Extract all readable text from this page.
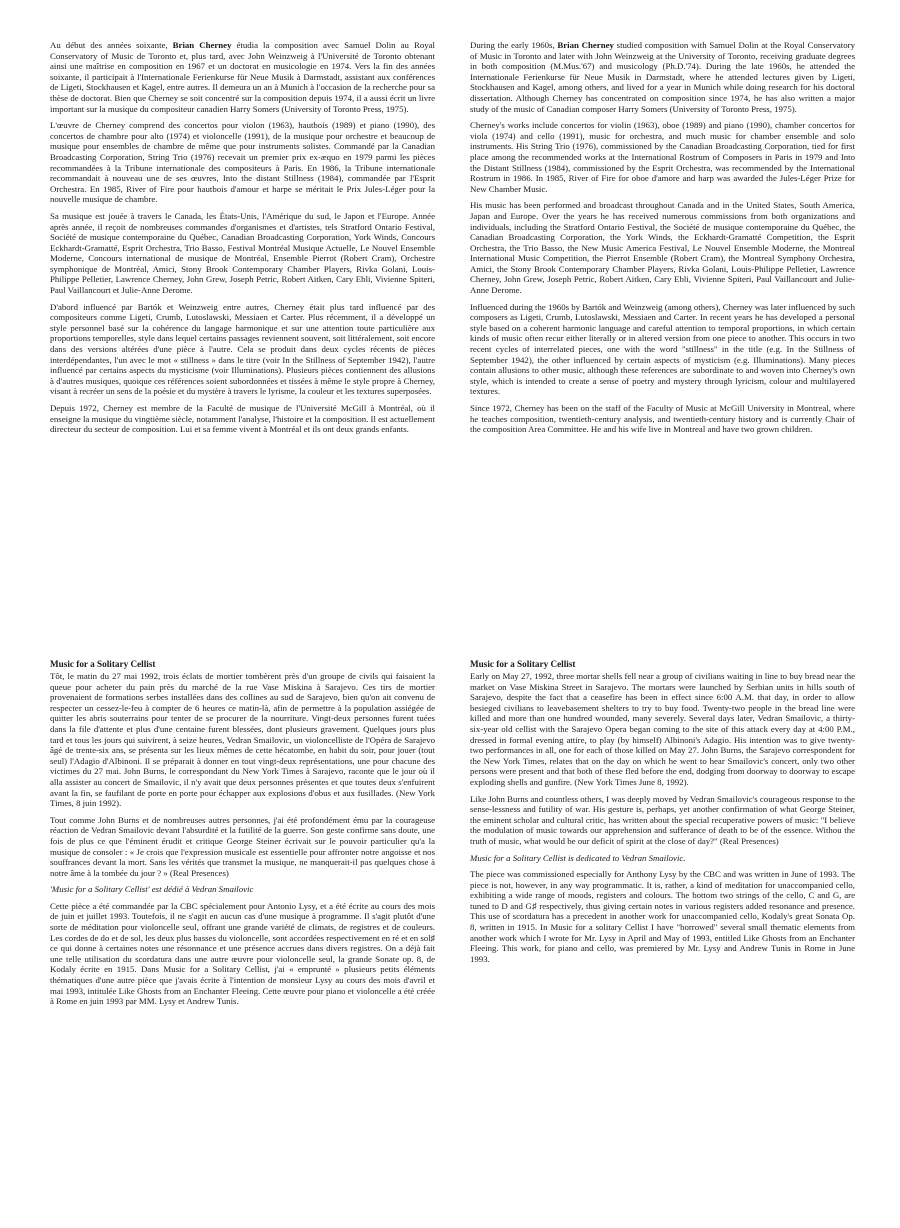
Au début des années soixante, Brian Cherney étudia la composition avec Samuel Dolin au Royal Conservatory of Music de Toronto et, plus tard, avec John Weinzweig à l'Université de Toronto obtenant ainsi une maîtrise en composition en 1967 et un doctorat en musicologie en 1974. Vers la fin des années soixante, il participait à l'Internationale Ferienkurse für Neue Musik à Darmstadt, assistant aux conférences de Ligeti, Stockhausen et Kagel, entre autres. Il demeura un an à Munich à l'occasion de la recherche pour sa thèse de doctorat. Bien que Cherney se soit concentré sur la composition depuis 1974, il a aussi écrit un livre important sur la musique du compositeur canadien Harry Somers (University of Toronto Press, 1975).

L'œuvre de Cherney comprend des concertos pour violon (1963), hautbois (1989) et piano (1990), des concertos de chambre pour alto (1974) et violoncelle (1991), de la musique pour orchestre et beaucoup de musique pour ensembles de chambre de même que pour instruments solistes. Commandé par la Canadian Broadcasting Corporation, String Trio (1976) recevait un premier prix ex-æquo en 1979 parmi les pièces recommandées à la Tribune internationale des compositeurs à Paris. En 1986, la Tribune internationale recommandait à nouveau une de ses œuvres, Into the distant Stillness (1984), commandée par l'Esprit Orchestra. En 1985, River of Fire pour hautbois d'amour et harpe se méritait le Prix Jules-Léger pour la nouvelle musique de chambre.

Sa musique est jouée à travers le Canada, les États-Unis, l'Amérique du sud, le Japon et l'Europe. Année après année, il reçoit de nombreuses commandes d'organismes et d'artistes, tels Stratford Ontario Festival, Société de musique contemporaine du Québec, Canadian Broadcasting Corporation, York Winds, Concours Eckhardt-Gramatté, Esprit Orchestra, Trio Basso, Festival Montréal Musique Actuelle, Le Nouvel Ensemble Moderne, Concours international de musique de Montréal, Ensemble Pierrot (Robert Cram), Orchestre symphonique de Montréal, Amici, Stony Brook Contemporary Chamber Players, Rivka Golani, Louis-Philippe Pelletier, Lawrence Cherney, John Grew, Joseph Petric, Robert Aitken, Cary Ebli, Vivienne Spiteri, Paul Vaillancourt et Julie-Anne Derome.

D'abord influencé par Bartók et Weinzweig entre autres, Cherney était plus tard influencé par des compositeurs comme Ligeti, Crumb, Lutoslawski, Messiaen et Carter. Plus récemment, il a développé un style personnel basé sur la cohérence du langage harmonique et sur une attention toute particulière aux proportions temporelles, style dans lequel certains passages reviennent souvent, soit littéralement, soit encore dans des versions altérées d'une pièce à l'autre. Cela se produit dans deux cycles récents de pièces interdépendantes, l'un avec le mot « stillness » dans le titre (voir In the Stillness of September 1942), l'autre influencé par certains aspects du mysticisme (voir Illuminations). Plusieurs pièces contiennent des allusions à d'autres musiques, quoique ces références soient subordonnées et tissées à même le style propre à Cherney, visant à recréer un sens de la poésie et du mystère à travers le lyrisme, la couleur et les textures superposées.

Depuis 1972, Cherney est membre de la Faculté de musique de l'Université McGill à Montréal, où il enseigne la musique du vingtième siècle, notamment l'analyse, l'histoire et la composition. Il est actuellement directeur du secteur de composition. Lui et sa femme vivent à Montréal et ils ont deux grands enfants.

During the early 1960s, Brian Cherney studied composition with Samuel Dolin at the Royal Conservatory of Music in Toronto and later with John Weinzweig at the University of Toronto, receiving graduate degrees in both composition (M.Mus.'67) and musicology (Ph.D.'74). During the late 1960s, he attended the Internationale Ferienkurse für Neue Musik in Darmstadt, where he attended lectures given by Ligeti, Stockhausen and Kagel, among others, and lived for a year in Munich while doing research for his doctoral dissertation. Although Cherney has concentrated on composition since 1974, he has also written a major study of the music of Canadian composer Harry Somers (University of Toronto Press, 1975).

Cherney's works include concertos for violin (1963), oboe (1989) and piano (1990), chamber concertos for viola (1974) and cello (1991), music for orchestra, and much music for chamber ensemble and solo instruments. His String Trio (1976), commissioned by the Canadian Broadcasting Corporation, tied for first place among the recommended works at the International Rostrum of Composers in Paris in 1979 and Into the Distant Stillness (1984), commissioned by the Esprit Orchestra, was recommended by the International Rostrum in 1986. In 1985, River of Fire for oboe d'amore and harp was awarded the Jules-Léger Prize for New Chamber Music.

His music has been performed and broadcast throughout Canada and in the United States, South America, Japan and Europe. Over the years he has received numerous commissions from both organizations and individuals, including the Stratford Ontario Festival, the Société de musique contemporaine du Québec, the Canadian Broadcasting Corporation, the York Winds, the Eckhardt-Gramatté Competition, the Esprit Orchestra, the Trio Basso, the New Music America Festival, Le Nouvel Ensemble Moderne, the Montreal International Music Competition, the Pierrot Ensemble (Robert Cram), the Montreal Symphony Orchestra, Amici, the Stony Brook Contemporary Chamber Players, Rivka Golani, Louis-Philippe Pelletier, Lawrence Cherney, John Grew, Joseph Petric, Robert Aitken, Cary Ebli, Vivienne Spiteri, Paul Vaillancourt and Julie-Anne Derome.

Influenced during the 1960s by Bartók and Weinzweig (among others), Cherney was later influenced by such composers as Ligeti, Crumb, Lutoslawski, Messiaen and Carter. In recent years he has developed a personal style based on a coherent harmonic language and careful attention to temporal proportions, in which certain kinds of music often recur either literally or in altered version from one piece to another. This occurs in two recent cycles of interrelated pieces, one with the word "stillness" in the title (e.g. In the Stillness of September 1942), the other influenced by certain aspects of mysticism (e.g. Illuminations). Many pieces contain allusions to other music, although these references are subordinate to and woven into Cherney's own style, which is intended to create a sense of poetry and mystery through lyricism, colour and multilayered textures.

Since 1972, Cherney has been on the staff of the Faculty of Music at McGill University in Montreal, where he teaches composition, twentieth-century analysis, and twentieth-century history and is currently Chair of the composition Area Committee. He and his wife live in Montreal and have two grown children.

Music for a Solitary Cellist

Tôt, le matin du 27 mai 1992, trois éclats de mortier tombèrent près d'un groupe de civils qui faisaient la queue pour acheter du pain près du marché de la rue Vase Miskina à Sarajevo. Ces tirs de mortier provenaient de formations serbes installées dans des collines au sud de Sarajevo, bien qu'on ait convenu de respecter un cessez-le-feu à compter de 6 heures ce matin-là, afin de permettre à la population assiégée de quitter les abris souterrains pour tenter de se procurer de la nourriture. Vingt-deux personnes furent tuées dans la file d'attente et plus d'une centaine furent blessées, dont plusieurs gravement. Quelques jours plus tard et tous les jours qui suivirent, à seize heures, Vedran Smailovic, un violoncelliste de l'Opéra de Sarajevo âgé de trente-six ans, se présenta sur les lieux mêmes de cette hécatombe, en habit du soir, pour jouer (tout seul) l'Adagio d'Albinoni. Il se préparait à donner en tout vingt-deux représentations, une pour chacune des victimes du 27 mai. John Burns, le correspondant du New York Times à Sarajevo, raconte que le jour où il alla assister au concert de Smailovic, il n'y avait que deux personnes présentes et que toutes deux s'enfuirent avant la fin, se faufilant de porte en porte pour échapper aux explosions d'obus et aux fusillades. (New York Times, 8 juin 1992).

Tout comme John Burns et de nombreuses autres personnes, j'ai été profondément ému par la courageuse réaction de Vedran Smailovic devant l'absurdité et la futilité de la guerre. Son geste confirme sans doute, une fois de plus ce que l'éminent érudit et critique George Steiner écrivait sur le pouvoir particulier qu'a la musique de consoler : « Je crois que l'expression musicale est essentielle pour affronter notre angoisse et nos souffrances devant la mort. Sans les vérités que transmet la musique, ne manquerait-il pas quelques chose à notre âme à la tombée du jour ? » (Real Presences)

'Music for a Solitary Cellist' est dédié à Vedran Smailovic

Cette pièce a été commandée par la CBC spécialement pour Antonio Lysy, et a été écrite au cours des mois de juin et juillet 1993. Toutefois, il ne s'agit en aucun cas d'une musique à programme. Il s'agit plutôt d'une sorte de méditation pour violoncelle seul, offrant une grande variété de climats, de registres et de couleurs. Les cordes de do et de sol, les deux plus basses du violoncelle, sont accordées respectivement en ré et en sol♯ ce qui donne à certaines notes une résonnance et une présence accrues dans divers registres. On a déjà fait une telle utilisation du scordatura dans une autre œuvre pour violoncelle seul, la grande Sonate op. 8, de Kodaly écrite en 1915. Dans Music for a Solitary Cellist, j'ai « emprunté » plusieurs petits éléments thématiques d'une autre pièce que j'avais écrite à l'intention de monsieur Lysy au cours des mois d'avril et mai 1993, intitulée Like Ghosts from an Enchanter Fleeing. Cette œuvre pour piano et violoncelle a été créée à Rome en juin 1993 par MM. Lysy et Andrew Tunis.

Music for a Solitary Cellist

Early on May 27, 1992, three mortar shells fell near a group of civilians waiting in line to buy bread near the market on Vase Miskina Street in Sarajevo. The mortars were launched by Serbian units in hills south of Sarajevo, despite the fact that a ceasefire has been in effect since 6:00 A.M. that day, in order to allow besieged civilians to leavebasement shelters to try to buy food. Twenty-two people in the bread line were killed and more than one hundred wounded, many severely. Several days later, Vedran Smailovic, a thirty-six-year old cellist with the Sarajevo Opera began coming to the site of this attack every day at 4:00 P.M., dressed in formal evening attire, to play (by himself) Albinoni's Adagio. His intention was to give twenty-two performances in all, one for each of those killed on May 27. John Burns, the Sarajevo correspondent for the New York Times, relates that on the day on which he went to hear Smailovic's concert, only two other persons were present and that both of these fled before the end, dodging from doorway to doorway to escape exploding shells and gunfire. (New York Times June 8, 1992).

Like John Burns and countless others, I was deeply moved by Vedran Smailovic's courageous response to the sense-lessness and futility of war. His gesture is, perhaps, yet another confirmation of what George Steiner, the eminent scholar and cultural critic, has written about the special recuperative powers of music: "I believe the modulation of music towards our apprehension and sufferance of death to be of the essence. Withou the truth of music, what would be our deficit of spirit at the close of day?" (Real Presences)

Music for a Solitary Cellist is dedicated to Vedran Smailovic.

The piece was commissioned especially for Anthony Lysy by the CBC and was written in June of 1993. The piece is not, however, in any way programmatic. It is, rather, a kind of meditation for unaccompanied cello, exhibiting a wide range of moods, registers and colours. The bottom two strings of the cello, C and G, are tuned to D and G♯ respectively, thus giving certain notes in various registers added resonance and presence. This use of scordatura has a precedent in another work for unaccompanied cello, Kodaly's great Sonata Op. 8, written in 1915. In Music for a solitary Cellist I have "borrowed" several small thematic elements from another work which I wrote for Mr. Lysy in April and May of 1993, entitled Like Ghosts from an Enchanter Fleeing. This work, for piano and cello, was premiered by Mr. Lysy and Andrew Tunis in Rome in June 1993.
